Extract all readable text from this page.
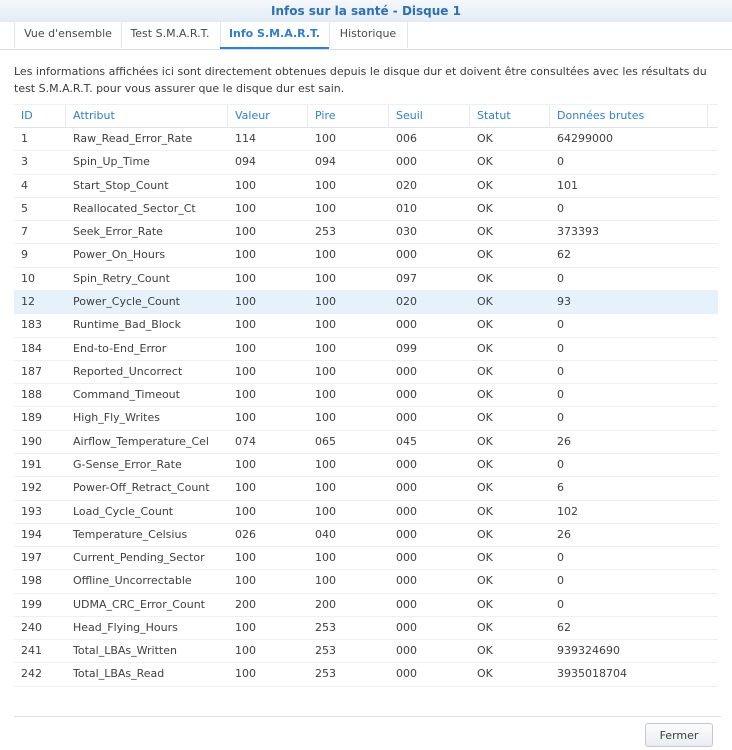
Infos sur la santé - Disque 1
Vue d'ensemble	Test S.M.A.R.T.	Info S.M.A.R.T.	Historique
Les informations affichées ici sont directement obtenues depuis le disque dur et doivent être consultées avec les résultats du test S.M.A.R.T. pour vous assurer que le disque dur est sain.
ID	Attribut	Valeur	Pire	Seuil	Statut	Données brutes
1	Raw_Read_Error_Rate	114	100	006	OK	64299000
3	Spin_Up_Time	094	094	000	OK	0
4	Start_Stop_Count	100	100	020	OK	101
5	Reallocated_Sector_Ct	100	100	010	OK	0
7	Seek_Error_Rate	100	253	030	OK	373393
9	Power_On_Hours	100	100	000	OK	62
10	Spin_Retry_Count	100	100	097	OK	0
12	Power_Cycle_Count	100	100	020	OK	93
183	Runtime_Bad_Block	100	100	000	OK	0
184	End-to-End_Error	100	100	099	OK	0
187	Reported_Uncorrect	100	100	000	OK	0
188	Command_Timeout	100	100	000	OK	0
189	High_Fly_Writes	100	100	000	OK	0
190	Airflow_Temperature_Cel	074	065	045	OK	26
191	G-Sense_Error_Rate	100	100	000	OK	0
192	Power-Off_Retract_Count	100	100	000	OK	6
193	Load_Cycle_Count	100	100	000	OK	102
194	Temperature_Celsius	026	040	000	OK	26
197	Current_Pending_Sector	100	100	000	OK	0
198	Offline_Uncorrectable	100	100	000	OK	0
199	UDMA_CRC_Error_Count	200	200	000	OK	0
240	Head_Flying_Hours	100	253	000	OK	62
241	Total_LBAs_Written	100	253	000	OK	939324690
242	Total_LBAs_Read	100	253	000	OK	3935018704
Fermer
